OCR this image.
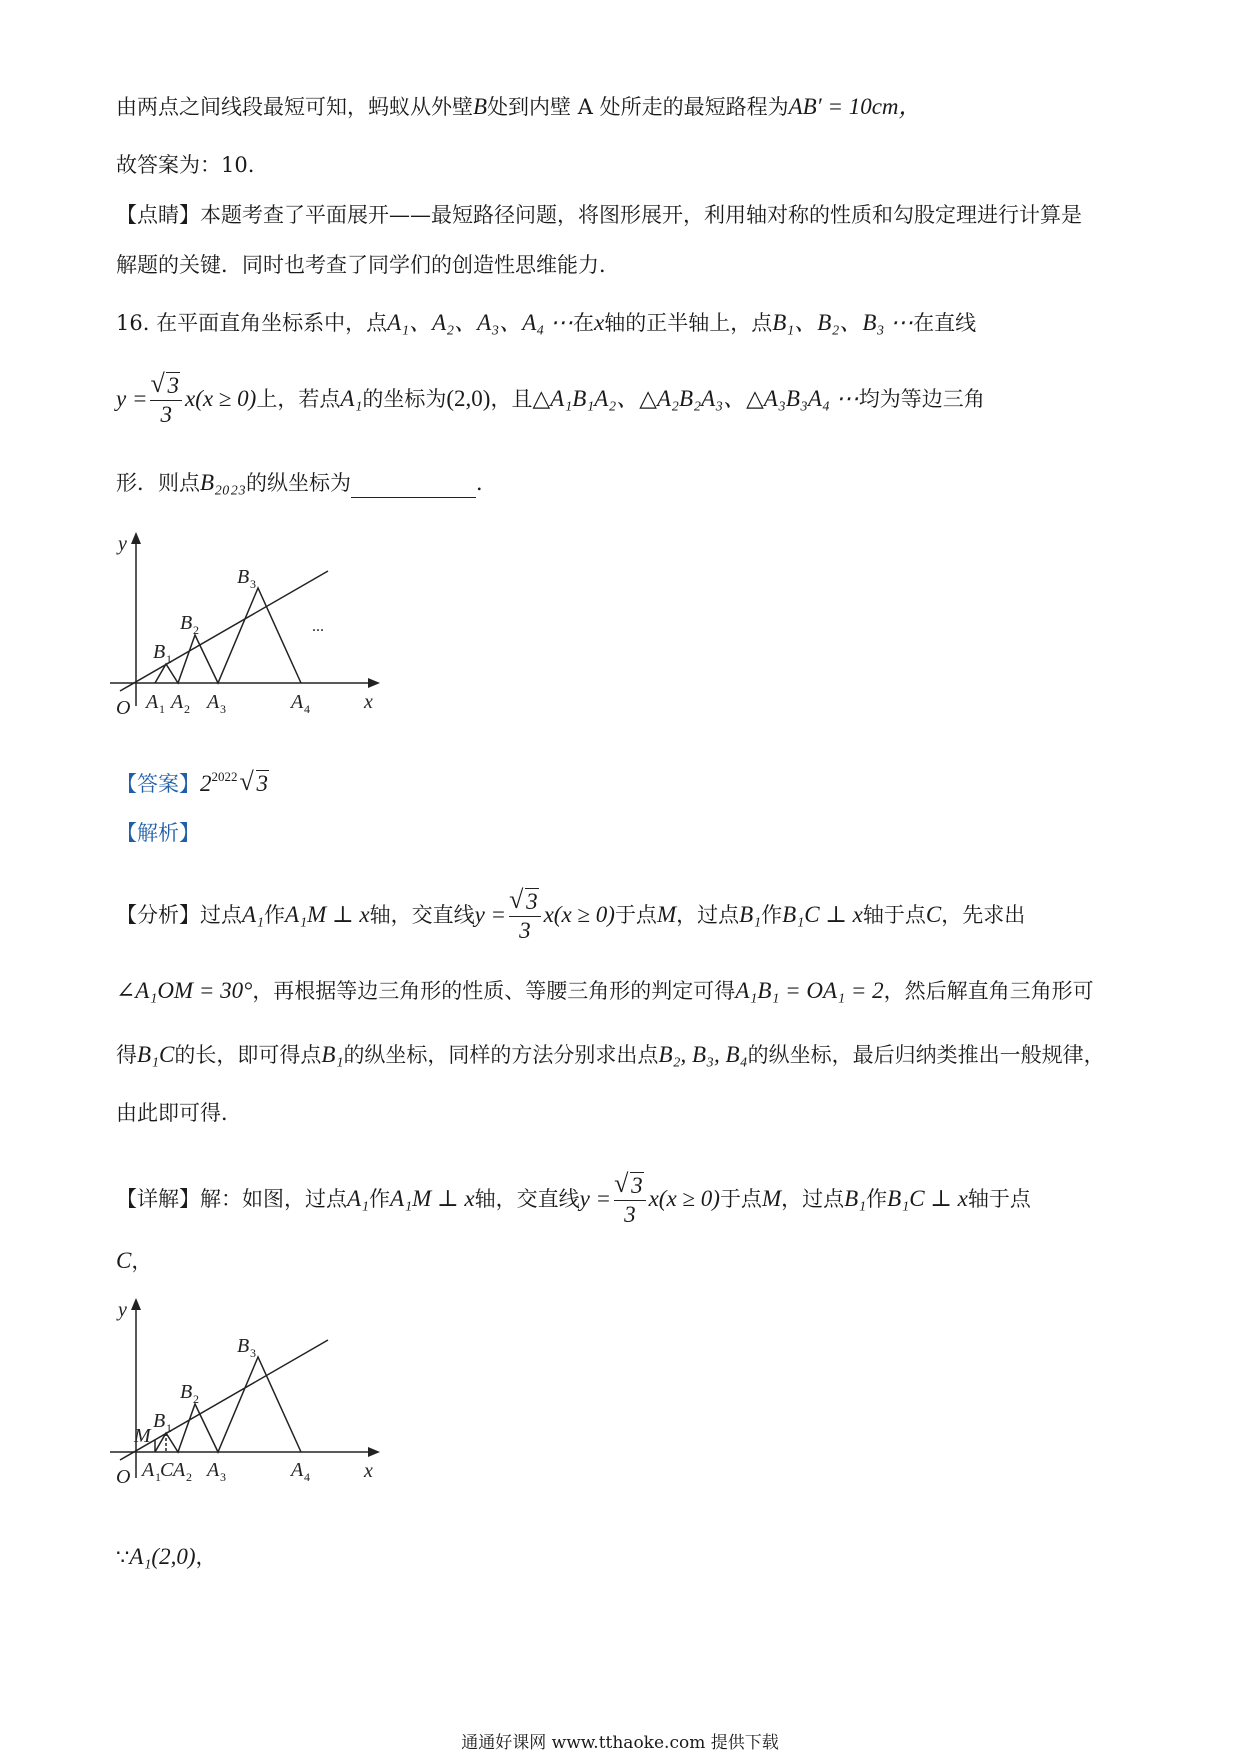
由两点之间线段最短可知，蚂蚁从外壁B处到内壁 A 处所走的最短路程为AB′ = 10cm，
故答案为：10.
【点睛】本题考查了平面展开——最短路径问题，将图形展开，利用轴对称的性质和勾股定理进行计算是
解题的关键．同时也考查了同学们的创造性思维能力．
16. 在平面直角坐标系中，点A₁、A₂、A₃、A₄ ⋯在x轴的正半轴上，点B₁、B₂、B₃ ⋯在直线
y =
√ $\frac{3}{3} x(x \ge 0)$上，若点A₁的坐标为(2,0)，且△A₁B₁A₂、△A₂B₂A₃、△A₃B₃A₄ ⋯均为等边三角
形．则点B₂₀₂₃的纵坐标为	．
y
x
O A 1 A 2 A 3	A 4
B 1
B 2
B 3
...
【答案】$2^{2022}√$ 3
【解析】
【分析】过点A₁作A₁M ⊥ x轴，交直线y =
√ $\frac{3}{3} x(x \ge 0)$于点M，过点B₁作B₁C ⊥ x轴于点C，先求出
∠A₁OM = 30°，再根据等边三角形的性质、等腰三角形的判定可得A₁B₁ = OA₁ = 2，然后解直角三角形可
得B₁C的长，即可得点B₁的纵坐标，同样的方法分别求出点B₂, B₃, B₄的纵坐标，最后归纳类推出一般规律，
由此即可得．
【详解】解：如图，过点A₁作A₁M ⊥ x轴，交直线y =
√ $\frac{3}{3} x(x \ge 0)$于点M，过点B₁作B₁C ⊥ x轴于点
C，
y
x
O
M
A 1 C A 2 A 3	A 4
B 1
B 2
B 3
∵A₁(2,0)，
通通好课网 www.tthaoke.com 提供下载
